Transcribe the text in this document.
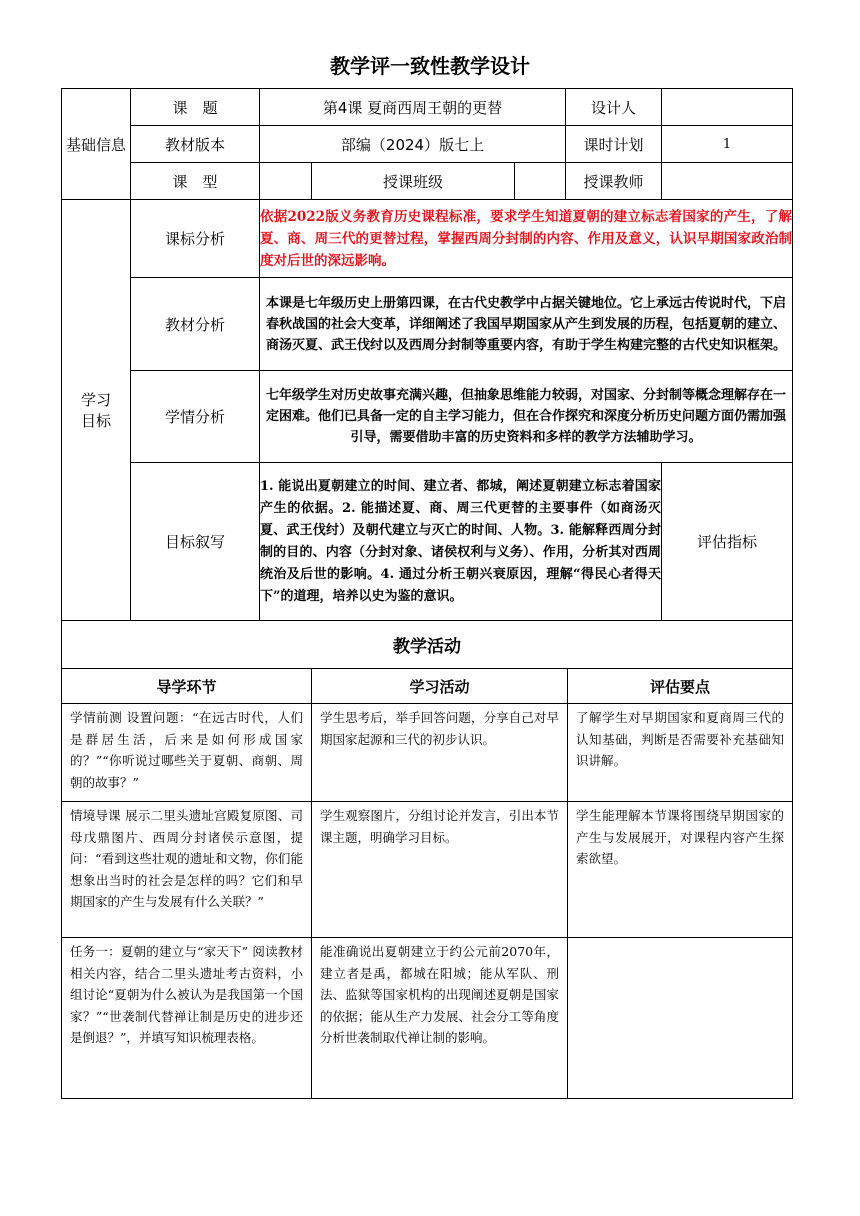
教学评一致性教学设计
基础信息	课　题	第4课 夏商西周王朝的更替			设计人	
	教材版本	部编（2024）版七上			课时计划	1
	课　型		授课班级		授课教师	
学习目标	课标分析	依据2022版义务教育历史课程标准，要求学生知道夏朝的建立标志着国家的产生，了解夏、商、周三代的更替过程，掌握西周分封制的内容、作用及意义，认识早期国家政治制度对后世的深远影响。				
	教材分析	本课是七年级历史上册第四课，在古代史教学中占据关键地位。它上承远古传说时代，下启春秋战国的社会大变革，详细阐述了我国早期国家从产生到发展的历程，包括夏朝的建立、商汤灭夏、武王伐纣以及西周分封制等重要内容，有助于学生构建完整的古代史知识框架。				
	学情分析	七年级学生对历史故事充满兴趣，但抽象思维能力较弱，对国家、分封制等概念理解存在一定困难。他们已具备一定的自主学习能力，但在合作探究和深度分析历史问题方面仍需加强引导，需要借助丰富的历史资料和多样的教学方法辅助学习。				
	目标叙写	1. 能说出夏朝建立的时间、建立者、都城，阐述夏朝建立标志着国家产生的依据。2. 能描述夏、商、周三代更替的主要事件（如商汤灭夏、武王伐纣）及朝代建立与灭亡的时间、人物。3. 能解释西周分封制的目的、内容（分封对象、诸侯权利与义务）、作用，分析其对西周统治及后世的影响。4. 通过分析王朝兴衰原因，理解“得民心者得天下”的道理，培养以史为鉴的意识。				评估指标
教学活动		
导学环节	学习活动	评估要点
学情前测 设置问题：“在远古时代，人们是群居生活，后来是如何形成国家的？”“你听说过哪些关于夏朝、商朝、周朝的故事？”	学生思考后，举手回答问题，分享自己对早期国家起源和三代的初步认识。	了解学生对早期国家和夏商周三代的认知基础，判断是否需要补充基础知识讲解。
情境导课 展示二里头遗址宫殿复原图、司母戊鼎图片、西周分封诸侯示意图，提问：“看到这些壮观的遗址和文物，你们能想象出当时的社会是怎样的吗？它们和早期国家的产生与发展有什么关联？”	学生观察图片，分组讨论并发言，引出本节课主题，明确学习目标。	学生能理解本节课将围绕早期国家的产生与发展展开，对课程内容产生探索欲望。
任务一：夏朝的建立与“家天下” 阅读教材相关内容，结合二里头遗址考古资料，小组讨论“夏朝为什么被认为是我国第一个国家？”“世袭制代替禅让制是历史的进步还是倒退？”，并填写知识梳理表格。	能准确说出夏朝建立于约公元前2070年，建立者是禹，都城在阳城；能从军队、刑法、监狱等国家机构的出现阐述夏朝是国家的依据；能从生产力发展、社会分工等角度分析世袭制取代禅让制的影响。	
